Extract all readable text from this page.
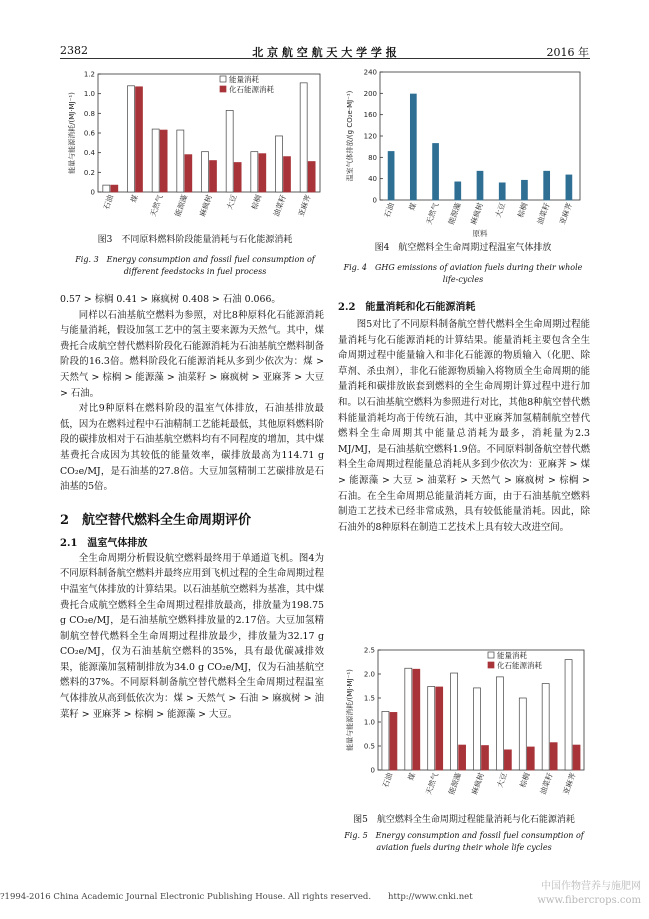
2382	北 京 航 空 航 天 大 学 学 报	2016 年
0
0.2
0.4
0.6
0.8
1.0
1.2
能量与能源消耗/(MJ·MJ⁻¹)
石油 煤 天然气 能源藻 麻疯树 大豆 棕榈 油菜籽 亚麻荠
能量消耗
化石能源消耗
图3　不同原料燃料阶段能量消耗与石化能源消耗
Fig. 3　Energy consumption and fossil fuel consumption of different feedstocks in fuel process
0
40
80
120
160
200
240
温室气体排放/(g CO₂e·MJ⁻¹)
石油 煤 天然气 能源藻 麻疯树 大豆 棕榈 油菜籽 亚麻荠
原料
图4　航空燃料全生命周期过程温室气体排放
Fig. 4　GHG emissions of aviation fuels during their whole life-cycles

0.57 > 棕榈 0.41 > 麻疯树 0.408 > 石油 0.066。

同样以石油基航空燃料为参照，对比8种原料化石能源消耗与能量消耗，假设加氢工艺中的氢主要来源为天然气。其中，煤费托合成航空替代燃料阶段化石能源消耗为石油基航空燃料制备阶段的16.3倍。燃料阶段化石能源消耗从多到少依次为：煤 > 天然气 > 棕榈 > 能源藻 > 油菜籽 > 麻疯树 > 亚麻荠 > 大豆 > 石油。

对比9种原料在燃料阶段的温室气体排放，石油基排放最低，因为在燃料过程中石油精制工艺能耗最低，其他原料燃料阶段的碳排放相对于石油基航空燃料均有不同程度的增加，其中煤基费托合成因为其较低的能量效率，碳排放最高为114.71 g CO₂e/MJ，是石油基的27.8倍。大豆加氢精制工艺碳排放是石油基的5倍。

2　航空替代燃料全生命周期评价
2.1　温室气体排放

全生命周期分析假设航空燃料最终用于单通道飞机。图4为不同原料制备航空燃料并最终应用到飞机过程的全生命周期过程中温室气体排放的计算结果。以石油基航空燃料为基准，其中煤费托合成航空燃料全生命周期过程排放最高，排放量为198.75 g CO₂e/MJ，是石油基航空燃料排放量的2.17倍。大豆加氢精制航空替代燃料全生命周期过程排放最少，排放量为32.17 g CO₂e/MJ，仅为石油基航空燃料的35%，具有最优碳减排效果，能源藻加氢精制排放为34.0 g CO₂e/MJ，仅为石油基航空燃料的37%。不同原料制备航空替代燃料全生命周期过程温室气体排放从高到低依次为：煤 > 天然气 > 石油 > 麻疯树 > 油菜籽 > 亚麻荠 > 棕榈 > 能源藻 > 大豆。

2.2　能量消耗和化石能源消耗

图5对比了不同原料制备航空替代燃料全生命周期过程能量消耗与化石能源消耗的计算结果。能量消耗主要包含全生命周期过程中能量输入和非化石能源的物质输入（化肥、除草剂、杀虫剂），非化石能源物质输入将物质全生命周期的能量消耗和碳排放嵌套到燃料的全生命周期计算过程中进行加和。以石油基航空燃料为参照进行对比，其他8种航空替代燃料能量消耗均高于传统石油，其中亚麻荠加氢精制航空替代燃料全生命周期其中能量总消耗为最多，消耗量为2.3 MJ/MJ，是石油基航空燃料1.9倍。不同原料制备航空替代燃料全生命周期过程能量总消耗从多到少依次为：亚麻荠 > 煤 > 能源藻 > 大豆 > 油菜籽 > 天然气 > 麻疯树 > 棕榈 > 石油。在全生命周期总能量消耗方面，由于石油基航空燃料制造工艺技术已经非常成熟，具有较低能量消耗。因此，除石油外的8种原料在制造工艺技术上具有较大改进空间。

0
0.5
1.0
1.5
2.0
2.5
能量与能源消耗/(MJ·MJ⁻¹)
石油 煤 天然气 能源藻 麻疯树 大豆 棕榈 油菜籽 亚麻荠
能量消耗
化石能源消耗
图5　航空燃料全生命周期过程能量消耗与化石能源消耗
Fig. 5　Energy consumption and fossil fuel consumption of aviation fuels during their whole life cycles
?1994-2016 China Academic Journal Electronic Publishing House. All rights reserved.　　http://www.cnki.net
中国作物营养与施肥网
www.fibercrops.com
